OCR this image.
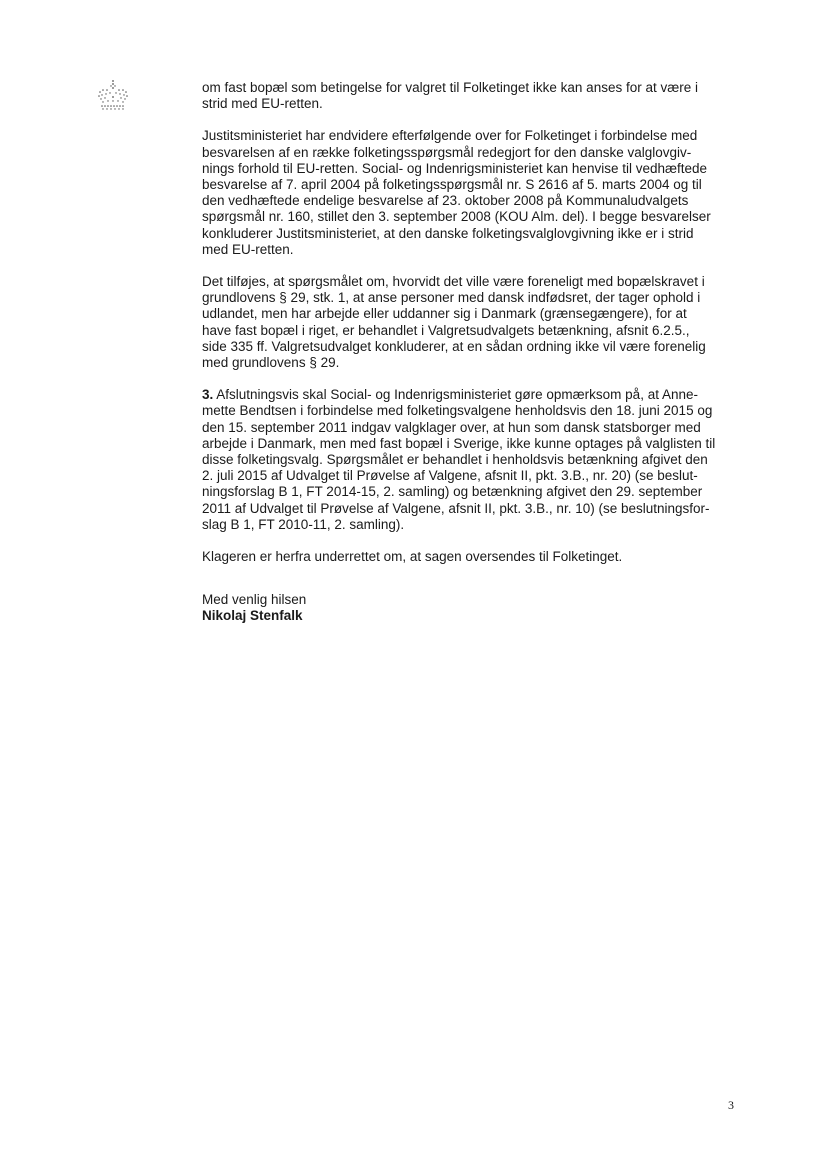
om fast bopæl som betingelse for valgret til Folketinget ikke kan anses for at være i
strid med EU-retten.

Justitsministeriet har endvidere efterfølgende over for Folketinget i forbindelse med
besvarelsen af en række folketingsspørgsmål redegjort for den danske valglovgiv-
nings forhold til EU-retten. Social- og Indenrigsministeriet kan henvise til vedhæftede
besvarelse af 7. april 2004 på folketingsspørgsmål nr. S 2616 af 5. marts 2004 og til
den vedhæftede endelige besvarelse af 23. oktober 2008 på Kommunaludvalgets
spørgsmål nr. 160, stillet den 3. september 2008 (KOU Alm. del). I begge besvarelser
konkluderer Justitsministeriet, at den danske folketingsvalglovgivning ikke er i strid
med EU-retten.

Det tilføjes, at spørgsmålet om, hvorvidt det ville være foreneligt med bopælskravet i
grundlovens § 29, stk. 1, at anse personer med dansk indfødsret, der tager ophold i
udlandet, men har arbejde eller uddanner sig i Danmark (grænsegængere), for at
have fast bopæl i riget, er behandlet i Valgretsudvalgets betænkning, afsnit 6.2.5.,
side 335 ff. Valgretsudvalget konkluderer, at en sådan ordning ikke vil være forenelig
med grundlovens § 29.

3. Afslutningsvis skal Social- og Indenrigsministeriet gøre opmærksom på, at Anne-
mette Bendtsen i forbindelse med folketingsvalgene henholdsvis den 18. juni 2015 og
den 15. september 2011 indgav valgklager over, at hun som dansk statsborger med
arbejde i Danmark, men med fast bopæl i Sverige, ikke kunne optages på valglisten til
disse folketingsvalg. Spørgsmålet er behandlet i henholdsvis betænkning afgivet den
2. juli 2015 af Udvalget til Prøvelse af Valgene, afsnit II, pkt. 3.B., nr. 20) (se beslut-
ningsforslag B 1, FT 2014-15, 2. samling) og betænkning afgivet den 29. september
2011 af Udvalget til Prøvelse af Valgene, afsnit II, pkt. 3.B., nr. 10) (se beslutningsfor-
slag B 1, FT 2010-11, 2. samling).

Klageren er herfra underrettet om, at sagen oversendes til Folketinget.

Med venlig hilsen

Nikolaj Stenfalk

3
